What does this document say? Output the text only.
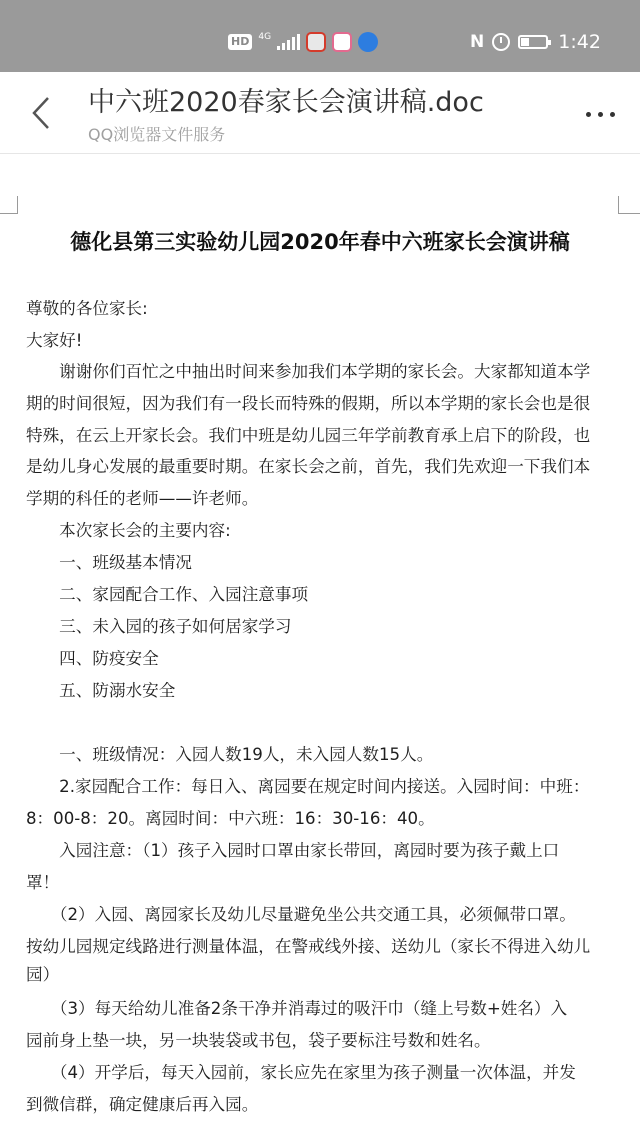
HD	4G	N	1:42
中六班2020春家长会演讲稿.doc
QQ浏览器文件服务
德化县第三实验幼儿园2020年春中六班家长会演讲稿
尊敬的各位家长:
大家好!
　　谢谢你们百忙之中抽出时间来参加我们本学期的家长会。大家都知道本学
期的时间很短，因为我们有一段长而特殊的假期，所以本学期的家长会也是很
特殊，在云上开家长会。我们中班是幼儿园三年学前教育承上启下的阶段，也
是幼儿身心发展的最重要时期。在家长会之前，首先，我们先欢迎一下我们本
学期的科任的老师——许老师。
　　本次家长会的主要内容:
　　一、班级基本情况
　　二、家园配合工作、入园注意事项
　　三、未入园的孩子如何居家学习
　　四、防疫安全
　　五、防溺水安全
　　一、班级情况：入园人数19人，未入园人数15人。
　　2.家园配合工作：每日入、离园要在规定时间内接送。入园时间：中班：
8：00-8：20。离园时间：中六班：16：30-16：40。
　　入园注意：（1）孩子入园时口罩由家长带回，离园时要为孩子戴上口
罩！
　　（2）入园、离园家长及幼儿尽量避免坐公共交通工具，必须佩带口罩。
按幼儿园规定线路进行测量体温，在警戒线外接、送幼儿（家长不得进入幼儿
园）
　　（3）每天给幼儿准备2条干净并消毒过的吸汗巾（缝上号数+姓名）入
园前身上垫一块，另一块装袋或书包，袋子要标注号数和姓名。
　　（4）开学后，每天入园前，家长应先在家里为孩子测量一次体温，并发
到微信群，确定健康后再入园。
